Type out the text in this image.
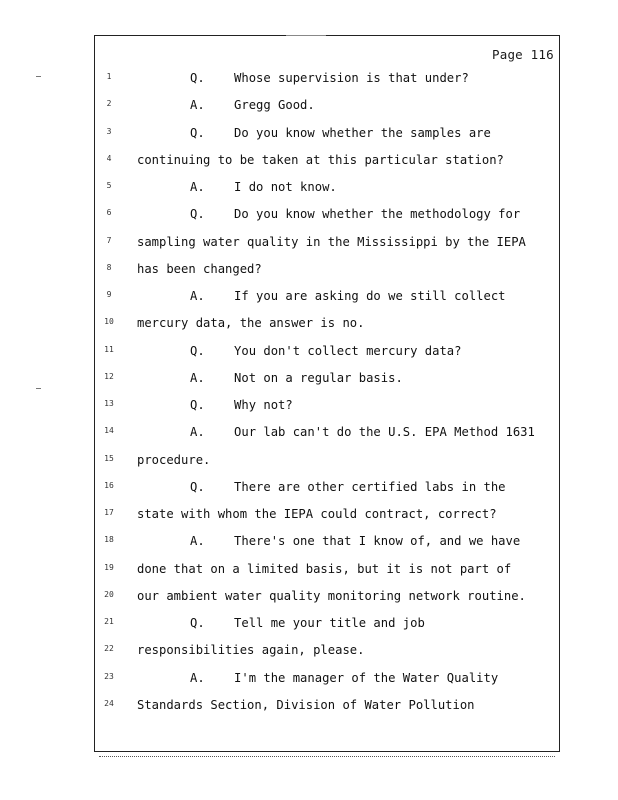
Page 116
1	Q.    Whose supervision is that under?
2	A.    Gregg Good.
3	Q.    Do you know whether the samples are
4	continuing to be taken at this particular station?
5	A.    I do not know.
6	Q.    Do you know whether the methodology for
7	sampling water quality in the Mississippi by the IEPA
8	has been changed?
9	A.    If you are asking do we still collect
10	mercury data, the answer is no.
11	Q.    You don't collect mercury data?
12	A.    Not on a regular basis.
13	Q.    Why not?
14	A.    Our lab can't do the U.S. EPA Method 1631
15	procedure.
16	Q.    There are other certified labs in the
17	state with whom the IEPA could contract, correct?
18	A.    There's one that I know of, and we have
19	done that on a limited basis, but it is not part of
20	our ambient water quality monitoring network routine.
21	Q.    Tell me your title and job
22	responsibilities again, please.
23	A.    I'm the manager of the Water Quality
24	Standards Section, Division of Water Pollution
